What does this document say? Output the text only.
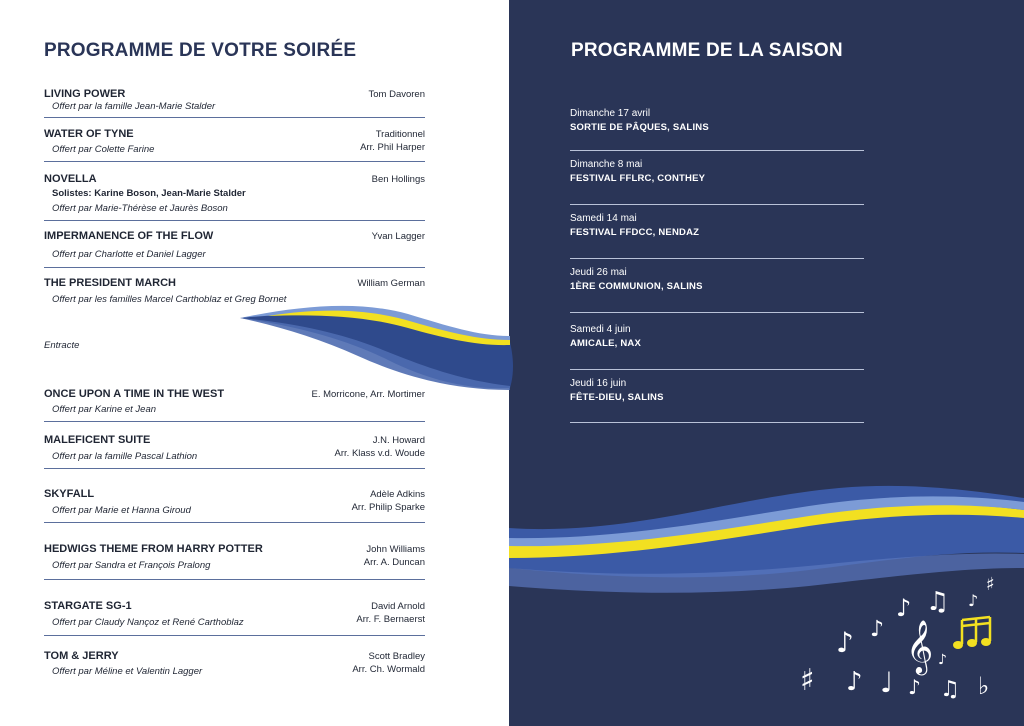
PROGRAMME DE VOTRE SOIRÉE
LIVING POWER	Tom Davoren
Offert par la famille Jean-Marie Stalder
WATER OF TYNE	Traditionnel
Arr. Phil Harper
Offert par Colette Farine
NOVELLA	Ben Hollings
Solistes: Karine Boson, Jean-Marie Stalder
Offert par Marie-Thérèse et Jaurès Boson
IMPERMANENCE OF THE FLOW	Yvan Lagger
Offert par Charlotte et Daniel Lagger
THE PRESIDENT MARCH	William German
Offert par les familles Marcel Carthoblaz et Greg Bornet
Entracte
ONCE UPON A TIME IN THE WEST	E. Morricone, Arr. Mortimer
Offert par Karine et Jean
MALEFICENT SUITE	J.N. Howard
Arr. Klass v.d. Woude
Offert par la famille Pascal Lathion
SKYFALL	Adèle Adkins
Arr. Philip Sparke
Offert par Marie et Hanna Giroud
HEDWIGS THEME FROM HARRY POTTER	John Williams
Arr. A. Duncan
Offert par Sandra et François Pralong
STARGATE SG-1	David Arnold
Arr. F. Bernaerst
Offert par Claudy Nançoz et René Carthoblaz
TOM & JERRY	Scott Bradley
Arr. Ch. Wormald
Offert par Méline et Valentin Lagger
PROGRAMME DE LA SAISON
Dimanche 17 avril
SORTIE DE PÂQUES, SALINS
Dimanche 8 mai
FESTIVAL FFLRC, CONTHEY
Samedi 14 mai
FESTIVAL FFDCC, NENDAZ
Jeudi 26 mai
1ÈRE COMMUNION, SALINS
Samedi 4 juin
AMICALE, NAX
Jeudi 16 juin
FÊTE-DIEU, SALINS
♯
♪ ♪
♪ ♩
♪
𝄞
♪
♫
♪
♫
♪
♯
♭
